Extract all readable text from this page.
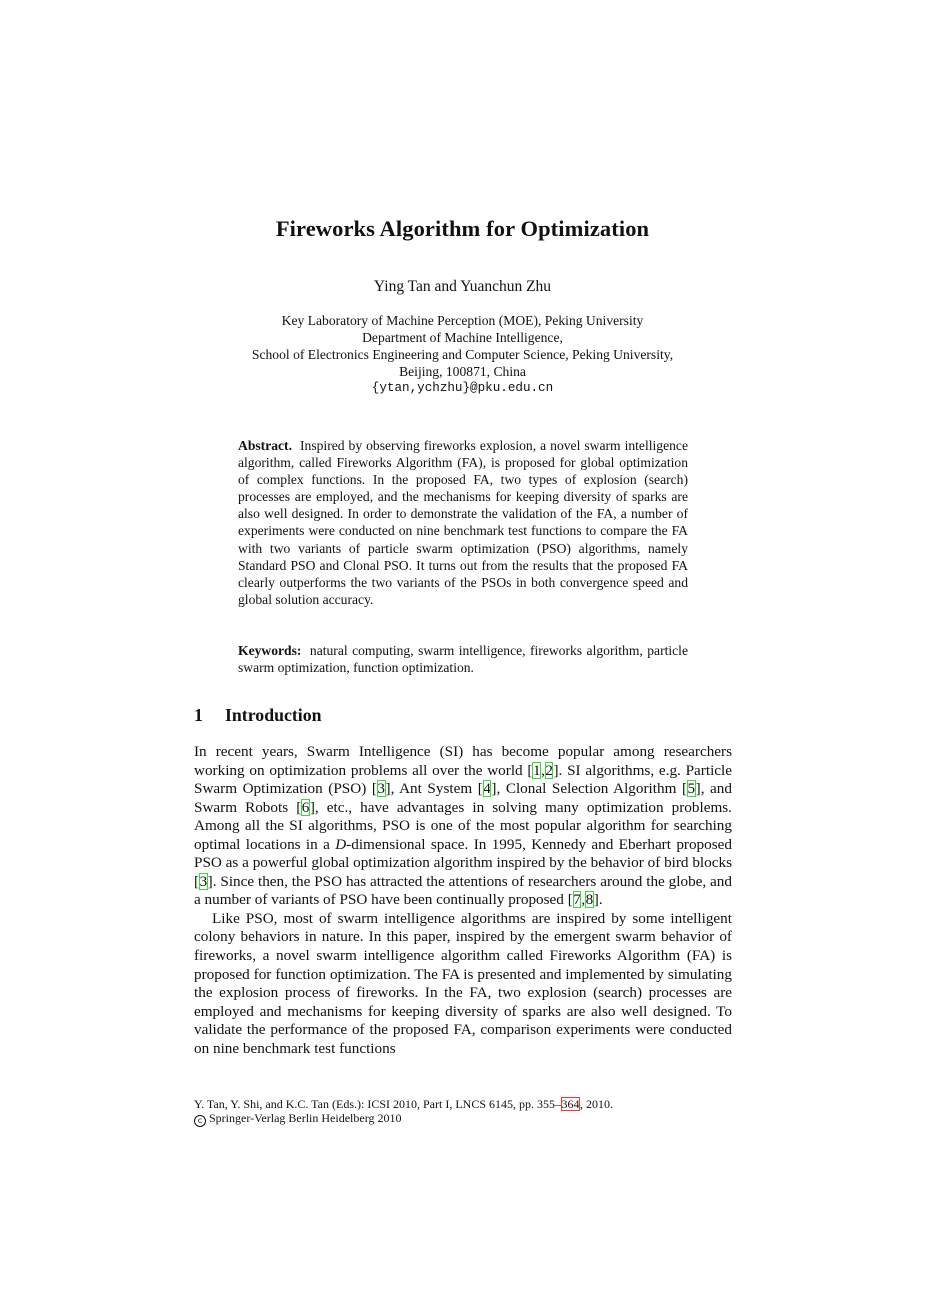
Fireworks Algorithm for Optimization
Ying Tan and Yuanchun Zhu
Key Laboratory of Machine Perception (MOE), Peking University
Department of Machine Intelligence,
School of Electronics Engineering and Computer Science, Peking University,
Beijing, 100871, China
{ytan,ychzhu}@pku.edu.cn
Abstract. Inspired by observing fireworks explosion, a novel swarm intelligence algorithm, called Fireworks Algorithm (FA), is proposed for global optimization of complex functions. In the proposed FA, two types of explosion (search) processes are employed, and the mechanisms for keeping diversity of sparks are also well designed. In order to demonstrate the validation of the FA, a number of experiments were conducted on nine benchmark test functions to compare the FA with two variants of particle swarm optimization (PSO) algorithms, namely Standard PSO and Clonal PSO. It turns out from the results that the proposed FA clearly outperforms the two variants of the PSOs in both convergence speed and global solution accuracy.
Keywords: natural computing, swarm intelligence, fireworks algorithm, particle swarm optimization, function optimization.
1 Introduction

In recent years, Swarm Intelligence (SI) has become popular among researchers working on optimization problems all over the world [1,2]. SI algorithms, e.g. Particle Swarm Optimization (PSO) [3], Ant System [4], Clonal Selection Algorithm [5], and Swarm Robots [6], etc., have advantages in solving many optimization problems. Among all the SI algorithms, PSO is one of the most popular algorithm for searching optimal locations in a D-dimensional space. In 1995, Kennedy and Eberhart proposed PSO as a powerful global optimization algorithm inspired by the behavior of bird blocks [3]. Since then, the PSO has attracted the attentions of researchers around the globe, and a number of variants of PSO have been continually proposed [7,8].

Like PSO, most of swarm intelligence algorithms are inspired by some intelligent colony behaviors in nature. In this paper, inspired by the emergent swarm behavior of fireworks, a novel swarm intelligence algorithm called Fireworks Algorithm (FA) is proposed for function optimization. The FA is presented and implemented by simulating the explosion process of fireworks. In the FA, two explosion (search) processes are employed and mechanisms for keeping diversity of sparks are also well designed. To validate the performance of the proposed FA, comparison experiments were conducted on nine benchmark test functions

Y. Tan, Y. Shi, and K.C. Tan (Eds.): ICSI 2010, Part I, LNCS 6145, pp. 355–364, 2010.
c Springer-Verlag Berlin Heidelberg 2010
